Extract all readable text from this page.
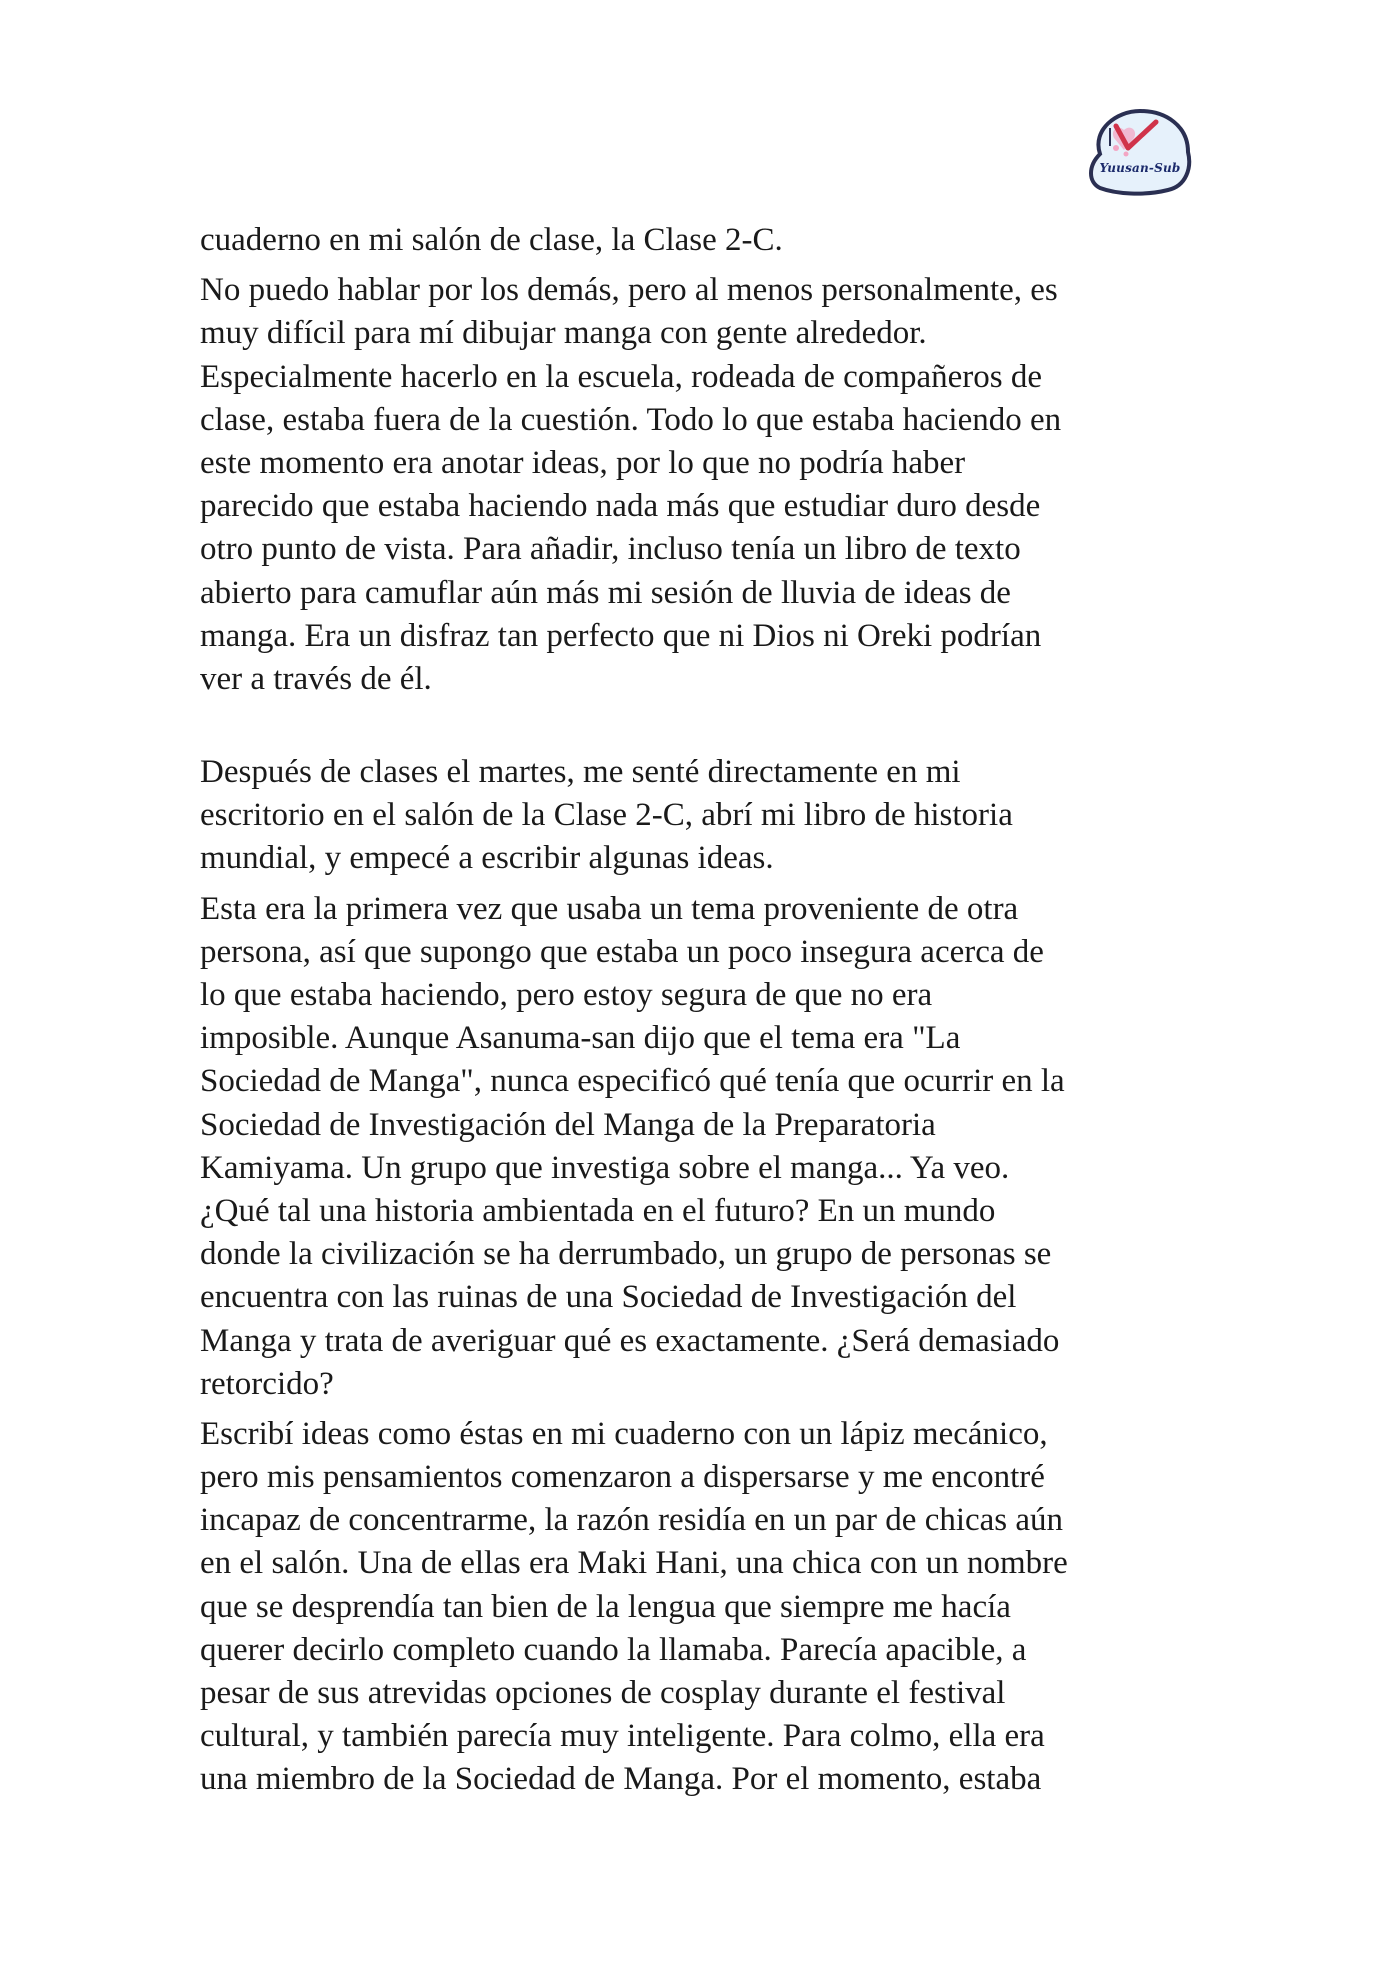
Yuusan-Sub
cuaderno en mi salón de clase, la Clase 2-C.
No puedo hablar por los demás, pero al menos personalmente, es
muy difícil para mí dibujar manga con gente alrededor.
Especialmente hacerlo en la escuela, rodeada de compañeros de
clase, estaba fuera de la cuestión. Todo lo que estaba haciendo en
este momento era anotar ideas, por lo que no podría haber
parecido que estaba haciendo nada más que estudiar duro desde
otro punto de vista. Para añadir, incluso tenía un libro de texto
abierto para camuflar aún más mi sesión de lluvia de ideas de
manga. Era un disfraz tan perfecto que ni Dios ni Oreki podrían
ver a través de él.
Después de clases el martes, me senté directamente en mi
escritorio en el salón de la Clase 2-C, abrí mi libro de historia
mundial, y empecé a escribir algunas ideas.
Esta era la primera vez que usaba un tema proveniente de otra
persona, así que supongo que estaba un poco insegura acerca de
lo que estaba haciendo, pero estoy segura de que no era
imposible. Aunque Asanuma-san dijo que el tema era "La
Sociedad de Manga", nunca especificó qué tenía que ocurrir en la
Sociedad de Investigación del Manga de la Preparatoria
Kamiyama. Un grupo que investiga sobre el manga... Ya veo.
¿Qué tal una historia ambientada en el futuro? En un mundo
donde la civilización se ha derrumbado, un grupo de personas se
encuentra con las ruinas de una Sociedad de Investigación del
Manga y trata de averiguar qué es exactamente. ¿Será demasiado
retorcido?
Escribí ideas como éstas en mi cuaderno con un lápiz mecánico,
pero mis pensamientos comenzaron a dispersarse y me encontré
incapaz de concentrarme, la razón residía en un par de chicas aún
en el salón. Una de ellas era Maki Hani, una chica con un nombre
que se desprendía tan bien de la lengua que siempre me hacía
querer decirlo completo cuando la llamaba. Parecía apacible, a
pesar de sus atrevidas opciones de cosplay durante el festival
cultural, y también parecía muy inteligente. Para colmo, ella era
una miembro de la Sociedad de Manga. Por el momento, estaba
